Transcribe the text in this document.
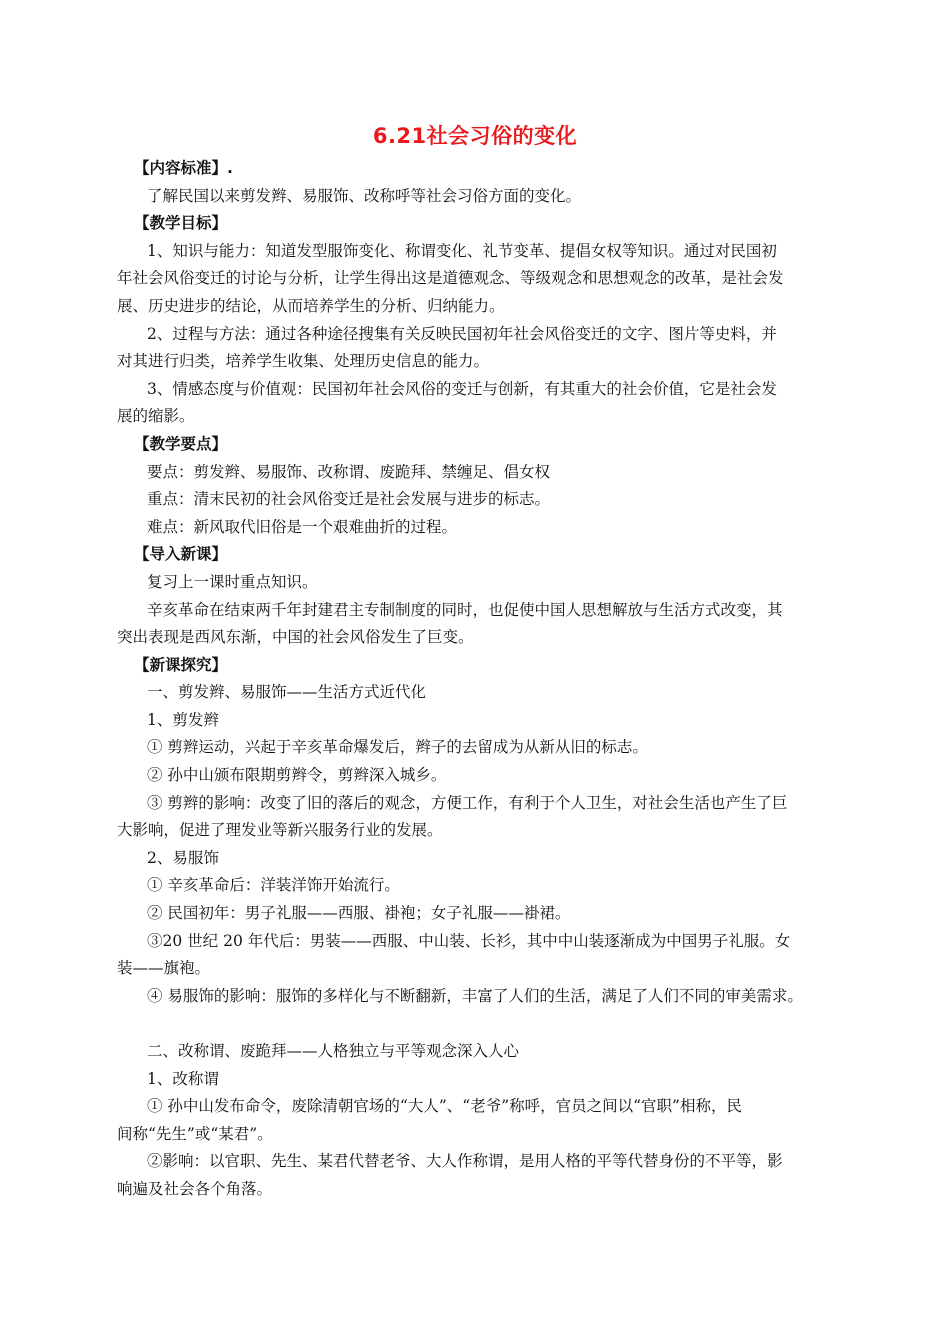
6.21社会习俗的变化
【内容标准】.
了解民国以来剪发辫、易服饰、改称呼等社会习俗方面的变化。
【教学目标】
1、知识与能力：知道发型服饰变化、称谓变化、礼节变革、提倡女权等知识。通过对民国初
年社会风俗变迁的讨论与分析，让学生得出这是道德观念、等级观念和思想观念的改革，是社会发
展、历史进步的结论，从而培养学生的分析、归纳能力。
2、过程与方法：通过各种途径搜集有关反映民国初年社会风俗变迁的文字、图片等史料，并
对其进行归类，培养学生收集、处理历史信息的能力。
3、情感态度与价值观：民国初年社会风俗的变迁与创新，有其重大的社会价值，它是社会发
展的缩影。
【教学要点】
要点：剪发辫、易服饰、改称谓、废跪拜、禁缠足、倡女权
重点：清末民初的社会风俗变迁是社会发展与进步的标志。
难点：新风取代旧俗是一个艰难曲折的过程。
【导入新课】
复习上一课时重点知识。
辛亥革命在结束两千年封建君主专制制度的同时，也促使中国人思想解放与生活方式改变，其
突出表现是西风东渐，中国的社会风俗发生了巨变。
【新课探究】
一、剪发辫、易服饰——生活方式近代化
1、剪发辫
① 剪辫运动，兴起于辛亥革命爆发后，辫子的去留成为从新从旧的标志。
② 孙中山颁布限期剪辫令，剪辫深入城乡。
③ 剪辫的影响：改变了旧的落后的观念，方便工作，有利于个人卫生，对社会生活也产生了巨
大影响，促进了理发业等新兴服务行业的发展。
2、易服饰
① 辛亥革命后：洋装洋饰开始流行。
② 民国初年：男子礼服——西服、褂袍；女子礼服——褂裙。
③20 世纪 20 年代后：男装——西服、中山装、长衫，其中中山装逐渐成为中国男子礼服。女
装——旗袍。
④ 易服饰的影响：服饰的多样化与不断翻新，丰富了人们的生活，满足了人们不同的审美需求。
二、改称谓、废跪拜——人格独立与平等观念深入人心
1、改称谓
① 孙中山发布命令，废除清朝官场的“大人”、“老爷”称呼，官员之间以“官职”相称，民
间称“先生”或“某君”。
②影响：以官职、先生、某君代替老爷、大人作称谓，是用人格的平等代替身份的不平等，影
响遍及社会各个角落。
